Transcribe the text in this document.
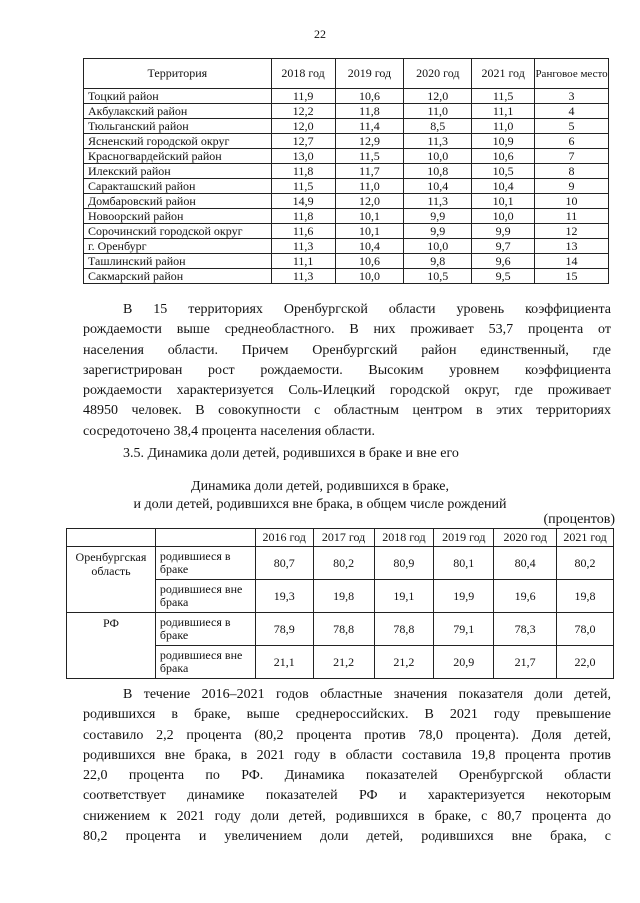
22
Территория	2018 год	2019 год	2020 год	2021 год	Ранговое место
Тоцкий район	11,9	10,6	12,0	11,5	3
Акбулакский район	12,2	11,8	11,0	11,1	4
Тюльганский район	12,0	11,4	8,5	11,0	5
Ясненский городской округ	12,7	12,9	11,3	10,9	6
Красногвардейский район	13,0	11,5	10,0	10,6	7
Илекский район	11,8	11,7	10,8	10,5	8
Саракташский район	11,5	11,0	10,4	10,4	9
Домбаровский район	14,9	12,0	11,3	10,1	10
Новоорский район	11,8	10,1	9,9	10,0	11
Сорочинский городской округ	11,6	10,1	9,9	9,9	12
г. Оренбург	11,3	10,4	10,0	9,7	13
Ташлинский район	11,1	10,6	9,8	9,6	14
Сакмарский район	11,3	10,0	10,5	9,5	15
В 15 территориях Оренбургской области уровень коэффициента
рождаемости выше среднеобластного. В них проживает 53,7 процента от
населения области. Причем Оренбургский район единственный, где
зарегистрирован рост рождаемости. Высоким уровнем коэффициента
рождаемости характеризуется Соль-Илецкий городской округ, где проживает
48950 человек. В совокупности с областным центром в этих территориях
сосредоточено 38,4 процента населения области.

3.5. Динамика доли детей, родившихся в браке и вне его

Динамика доли детей, родившихся в браке,

и доли детей, родившихся вне брака, в общем числе рождений

(процентов)

		2016 год	2017 год	2018 год	2019 год	2020 год	2021 год
Оренбургская область	родившиеся в браке	80,7	80,2	80,9	80,1	80,4	80,2
	родившиеся вне брака	19,3	19,8	19,1	19,9	19,6	19,8
РФ	родившиеся в браке	78,9	78,8	78,8	79,1	78,3	78,0
	родившиеся вне брака	21,1	21,2	21,2	20,9	21,7	22,0
В течение 2016–2021 годов областные значения показателя доли детей,
родившихся в браке, выше среднероссийских. В 2021 году превышение
составило 2,2 процента (80,2 процента против 78,0 процента). Доля детей,
родившихся вне брака, в 2021 году в области составила 19,8 процента против
22,0 процента по РФ. Динамика показателей Оренбургской области
соответствует динамике показателей РФ и характеризуется некоторым
снижением к 2021 году доли детей, родившихся в браке, с 80,7 процента до
80,2 процента и увеличением доли детей, родившихся вне брака, с
